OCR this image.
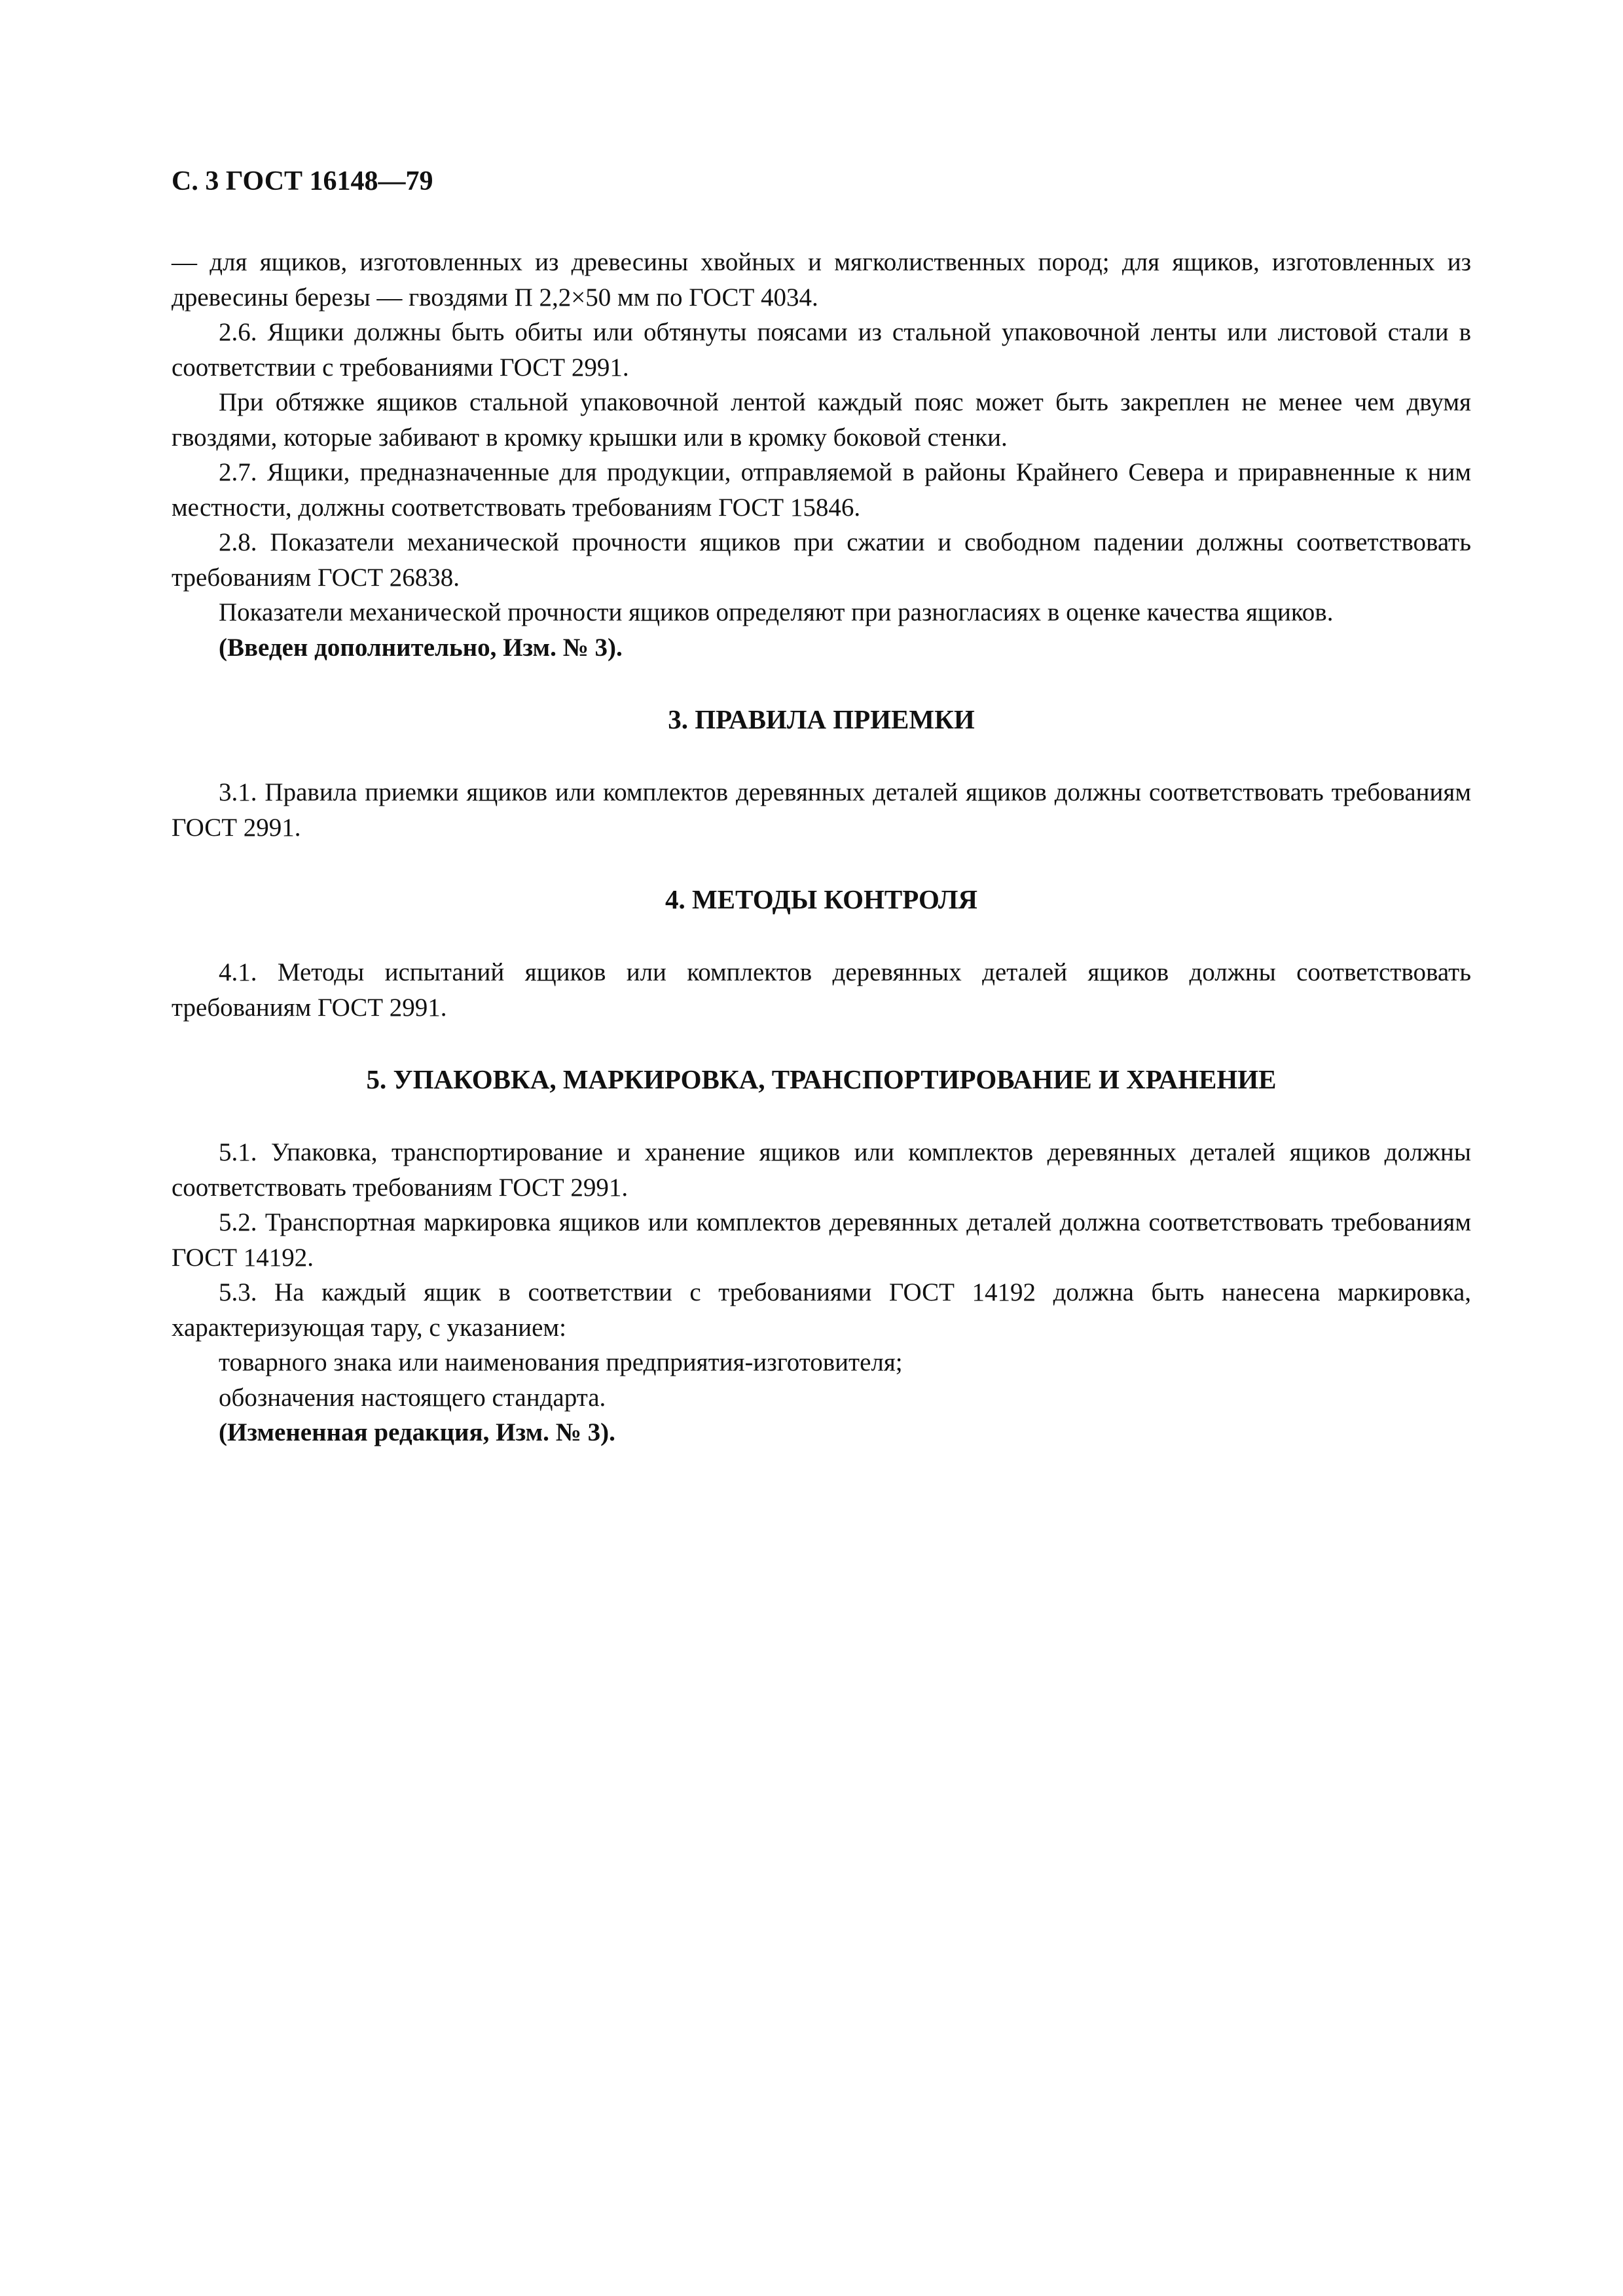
С. 3 ГОСТ 16148—79

— для ящиков, изготовленных из древесины хвойных и мягколиственных пород; для ящиков, изготовленных из древесины березы — гвоздями П 2,2×50 мм по ГОСТ 4034.

2.6. Ящики должны быть обиты или обтянуты поясами из стальной упаковочной ленты или листовой стали в соответствии с требованиями ГОСТ 2991.

При обтяжке ящиков стальной упаковочной лентой каждый пояс может быть закреплен не менее чем двумя гвоздями, которые забивают в кромку крышки или в кромку боковой стенки.

2.7. Ящики, предназначенные для продукции, отправляемой в районы Крайнего Севера и приравненные к ним местности, должны соответствовать требованиям ГОСТ 15846.

2.8. Показатели механической прочности ящиков при сжатии и свободном падении должны соответствовать требованиям ГОСТ 26838.

Показатели механической прочности ящиков определяют при разногласиях в оценке качества ящиков.

(Введен дополнительно, Изм. № 3).

3. ПРАВИЛА ПРИЕМКИ

3.1. Правила приемки ящиков или комплектов деревянных деталей ящиков должны соответствовать требованиям ГОСТ 2991.

4. МЕТОДЫ КОНТРОЛЯ

4.1. Методы испытаний ящиков или комплектов деревянных деталей ящиков должны соответствовать требованиям ГОСТ 2991.

5. УПАКОВКА, МАРКИРОВКА, ТРАНСПОРТИРОВАНИЕ И ХРАНЕНИЕ

5.1. Упаковка, транспортирование и хранение ящиков или комплектов деревянных деталей ящиков должны соответствовать требованиям ГОСТ 2991.

5.2. Транспортная маркировка ящиков или комплектов деревянных деталей должна соответствовать требованиям ГОСТ 14192.

5.3. На каждый ящик в соответствии с требованиями ГОСТ 14192 должна быть нанесена маркировка, характеризующая тару, с указанием:

товарного знака или наименования предприятия-изготовителя;

обозначения настоящего стандарта.

(Измененная редакция, Изм. № 3).
